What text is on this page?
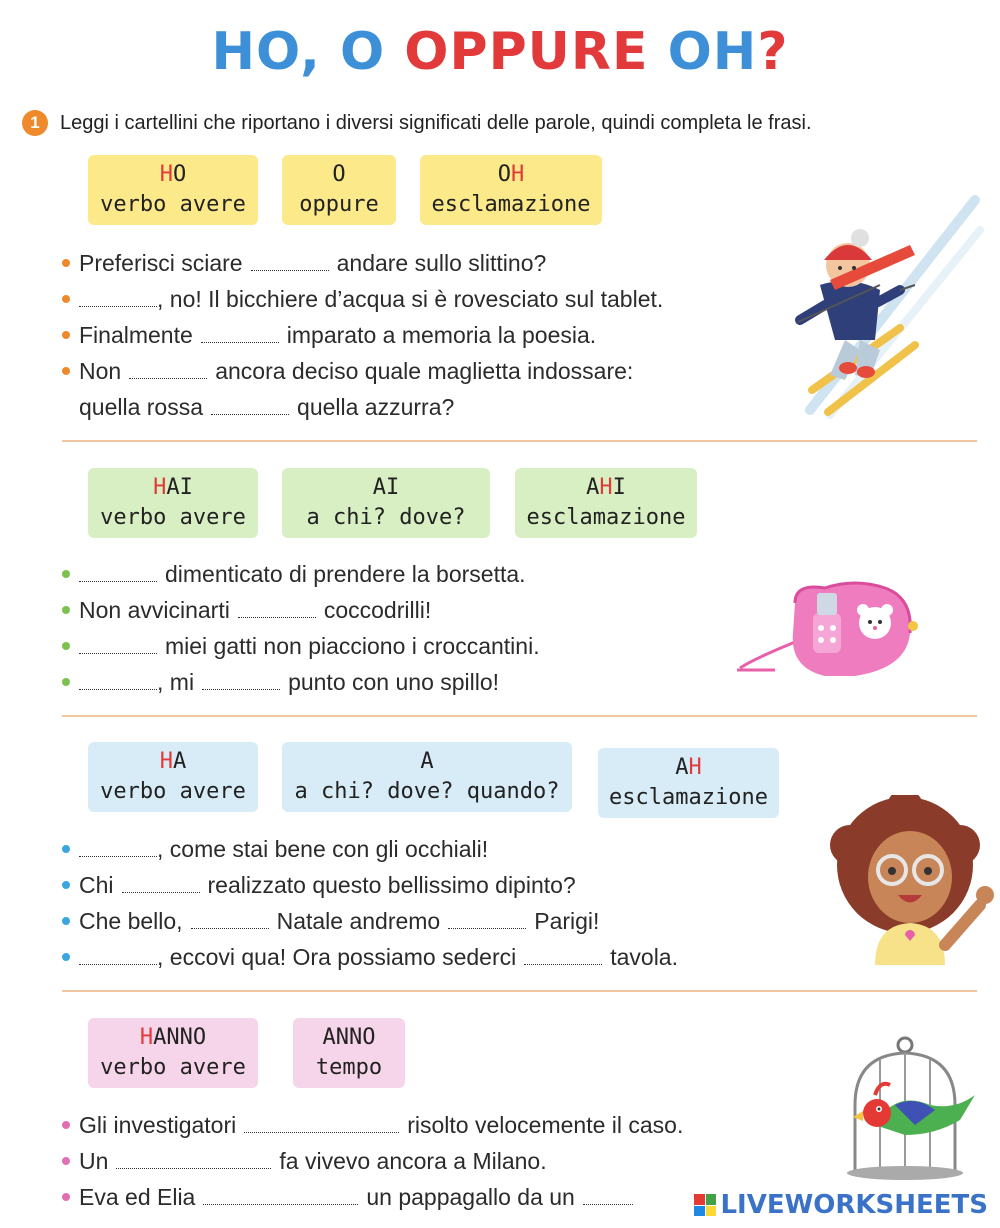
HO, O OPPURE OH?
1	Leggi i cartellini che riportano i diversi significati delle parole, quindi completa le frasi.
HO
verbo avere
O
oppure
OH
esclamazione
Preferisci sciare	andare sullo slittino?
, no! Il bicchiere d’acqua si è rovesciato sul tablet.
Finalmente	imparato a memoria la poesia.
Non	ancora deciso quale maglietta indossare:
quella rossa	quella azzurra?
HAI
verbo avere
AI
a chi? dove?
AHI
esclamazione
dimenticato di prendere la borsetta.
Non avvicinarti	coccodrilli!
miei gatti non piacciono i croccantini.
, mi	punto con uno spillo!
HA
verbo avere
A
a chi? dove? quando?
AH
esclamazione
, come stai bene con gli occhiali!
Chi	realizzato questo bellissimo dipinto?
Che bello,	Natale andremo	Parigi!
, eccovi qua! Ora possiamo sederci	tavola.
HANNO
verbo avere
ANNO
tempo
Gli investigatori	risolto velocemente il caso.
Un	fa vivevo ancora a Milano.
Eva ed Elia	un pappagallo da un	LIVEWORKSHEETS
